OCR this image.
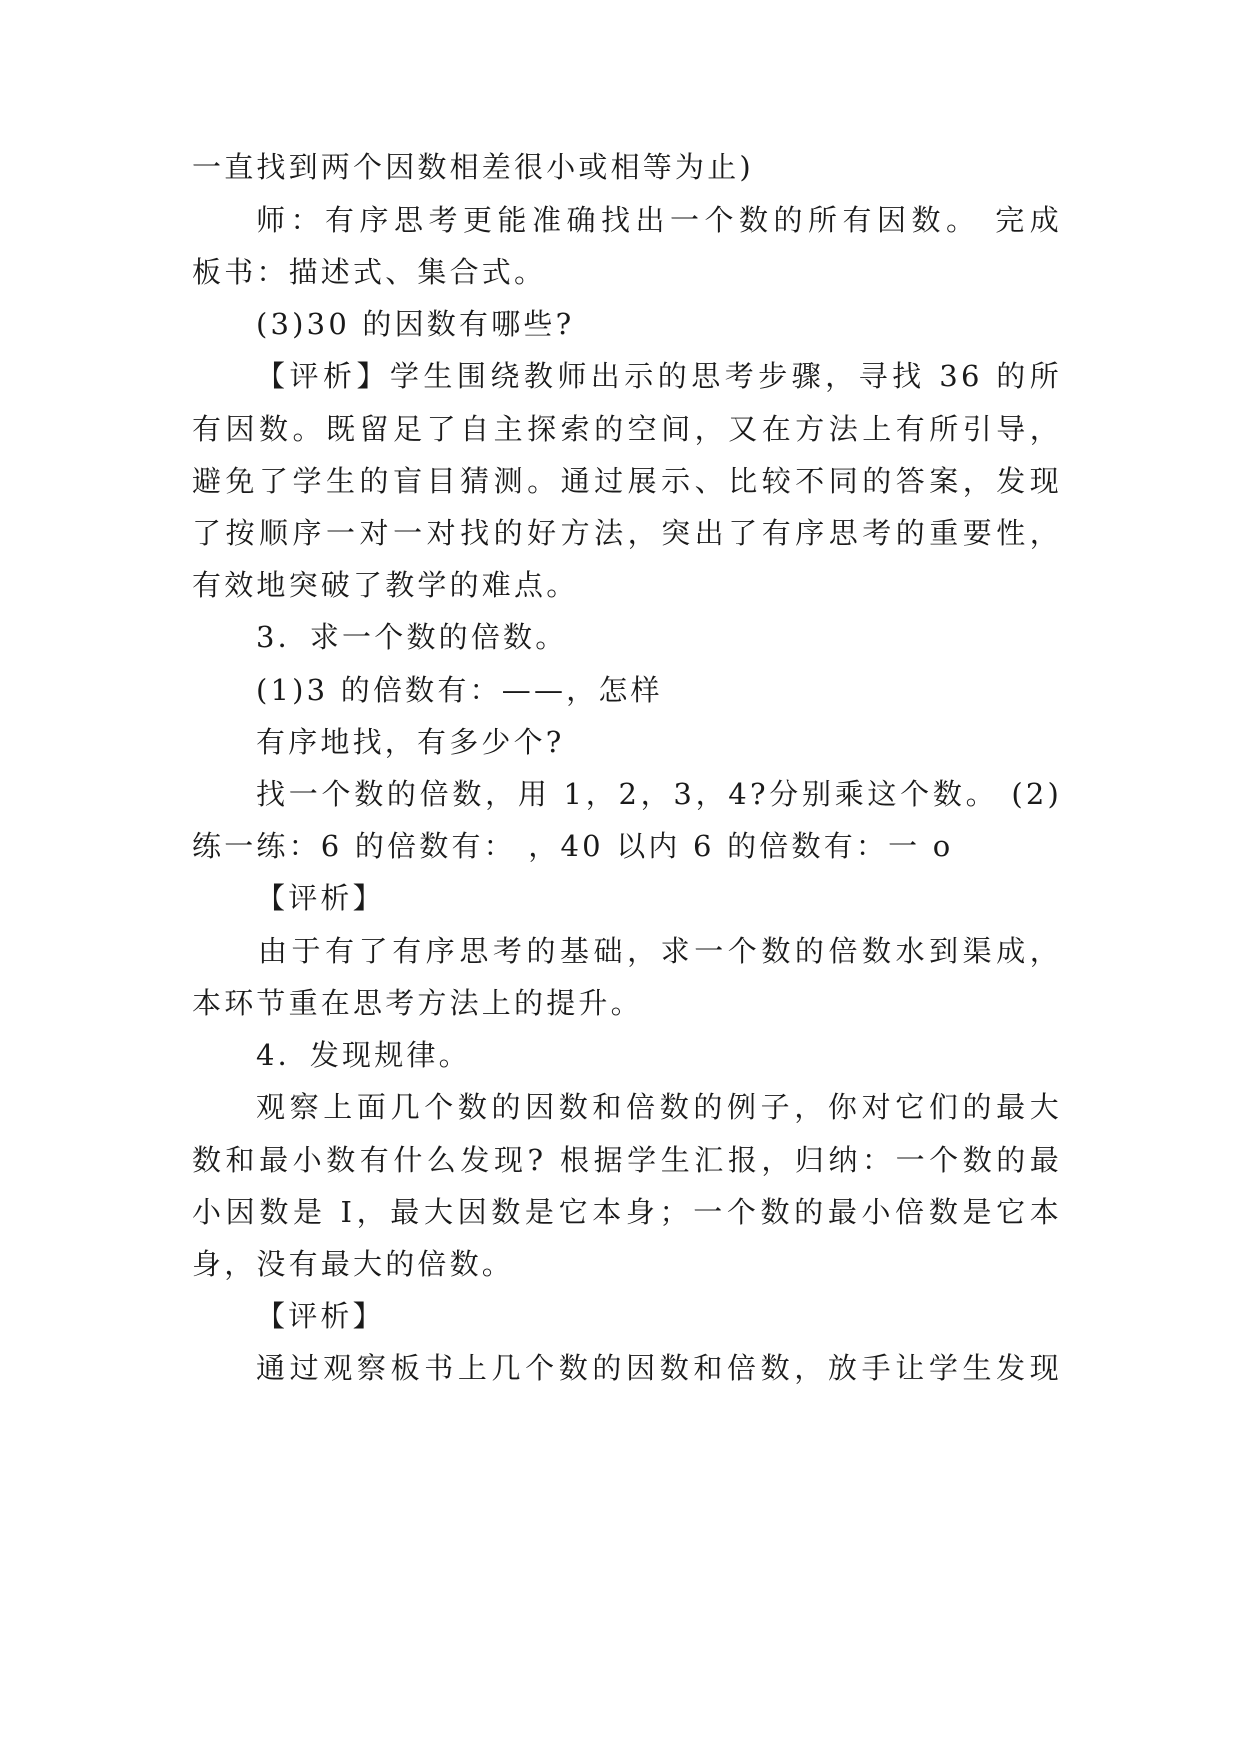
一直找到两个因数相差很小或相等为止)
师：有序思考更能准确找出一个数的所有因数。 完成
板书：描述式、集合式。
(3)30 的因数有哪些?
【评析】学生围绕教师出示的思考步骤，寻找 36 的所
有因数。既留足了自主探索的空间，又在方法上有所引导，
避免了学生的盲目猜测。通过展示、比较不同的答案，发现
了按顺序一对一对找的好方法，突出了有序思考的重要性，
有效地突破了教学的难点。
3．求一个数的倍数。
(1)3 的倍数有：——，怎样
有序地找，有多少个?
找一个数的倍数，用 1，2，3，4?分别乘这个数。 (2)
练一练：6 的倍数有： ，40 以内 6 的倍数有：一 o
【评析】
由于有了有序思考的基础，求一个数的倍数水到渠成，
本环节重在思考方法上的提升。
4．发现规律。
观察上面几个数的因数和倍数的例子，你对它们的最大
数和最小数有什么发现? 根据学生汇报，归纳：一个数的最
小因数是 I，最大因数是它本身；一个数的最小倍数是它本
身，没有最大的倍数。
【评析】
通过观察板书上几个数的因数和倍数，放手让学生发现
